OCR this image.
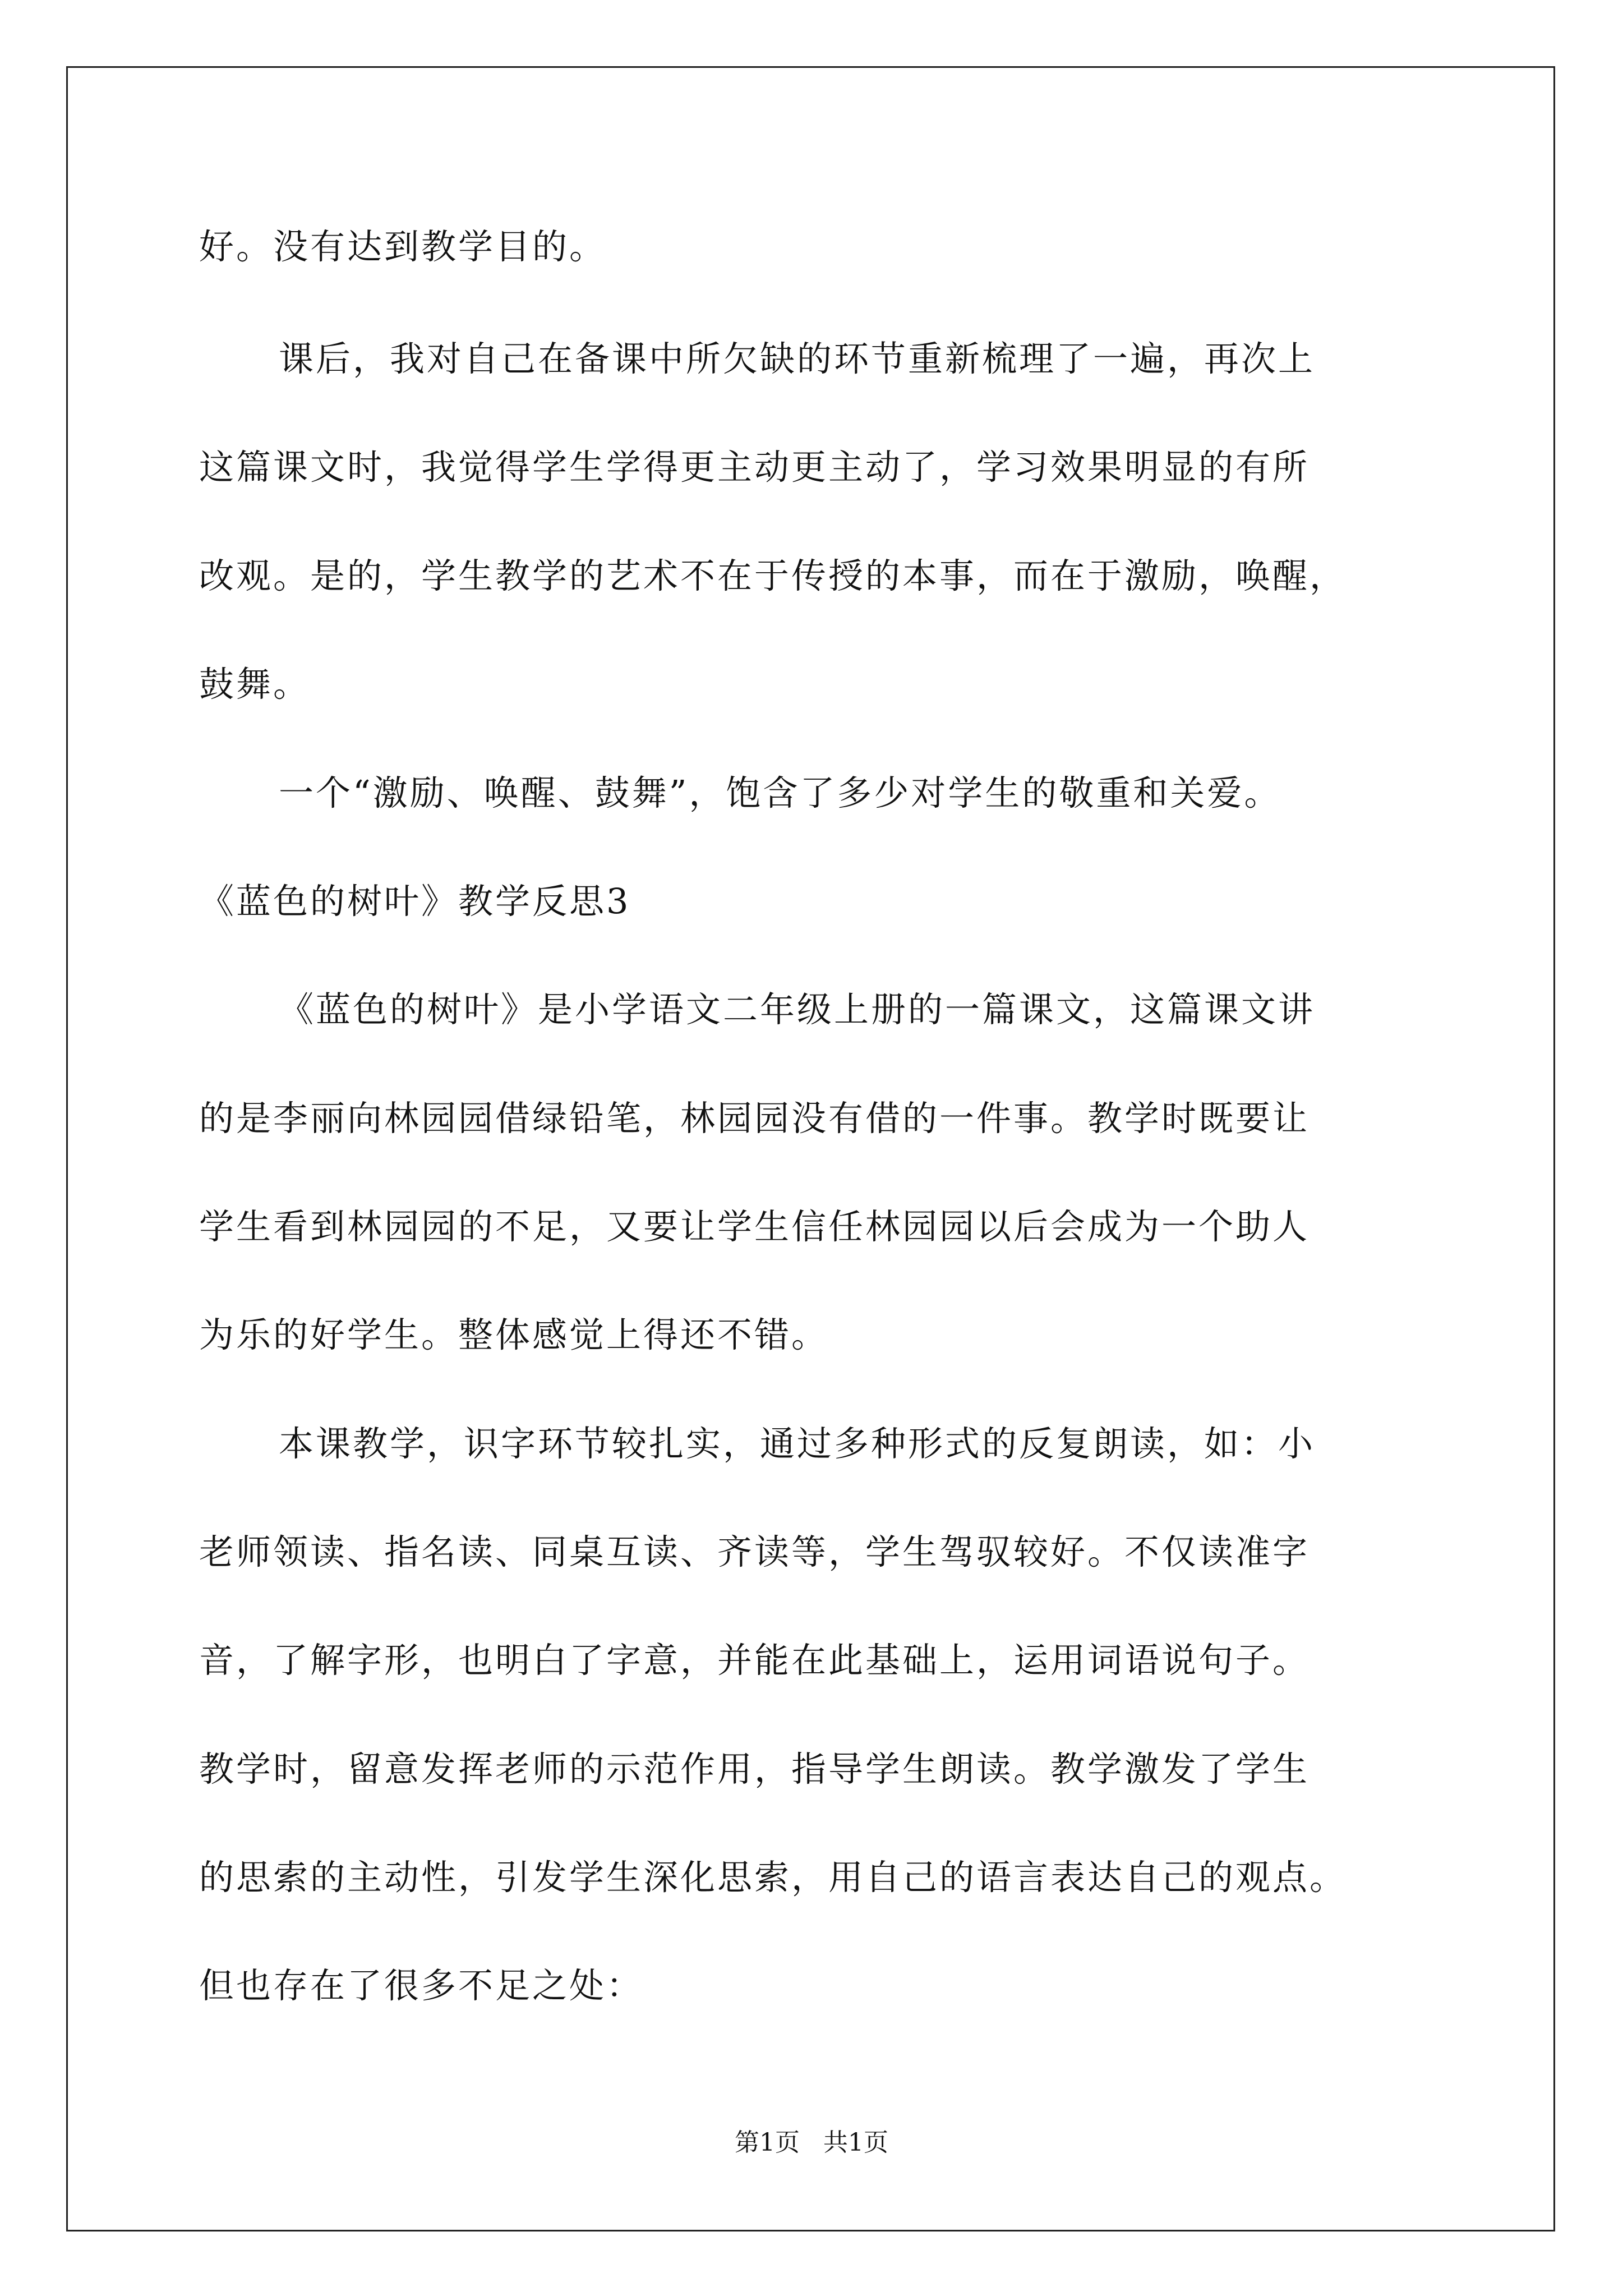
好。没有达到教学目的。

课后，我对自己在备课中所欠缺的环节重新梳理了一遍，再次上

这篇课文时，我觉得学生学得更主动更主动了，学习效果明显的有所

改观。是的，学生教学的艺术不在于传授的本事，而在于激励，唤醒，

鼓舞。

一个“激励、唤醒、鼓舞”，饱含了多少对学生的敬重和关爱。

《蓝色的树叶》教学反思3

《蓝色的树叶》是小学语文二年级上册的一篇课文，这篇课文讲

的是李丽向林园园借绿铅笔，林园园没有借的一件事。教学时既要让

学生看到林园园的不足，又要让学生信任林园园以后会成为一个助人

为乐的好学生。整体感觉上得还不错。

本课教学，识字环节较扎实，通过多种形式的反复朗读，如：小

老师领读、指名读、同桌互读、齐读等，学生驾驭较好。不仅读准字

音，了解字形，也明白了字意，并能在此基础上，运用词语说句子。

教学时，留意发挥老师的示范作用，指导学生朗读。教学激发了学生

的思索的主动性，引发学生深化思索，用自己的语言表达自己的观点。

但也存在了很多不足之处：

第1页   共1页
